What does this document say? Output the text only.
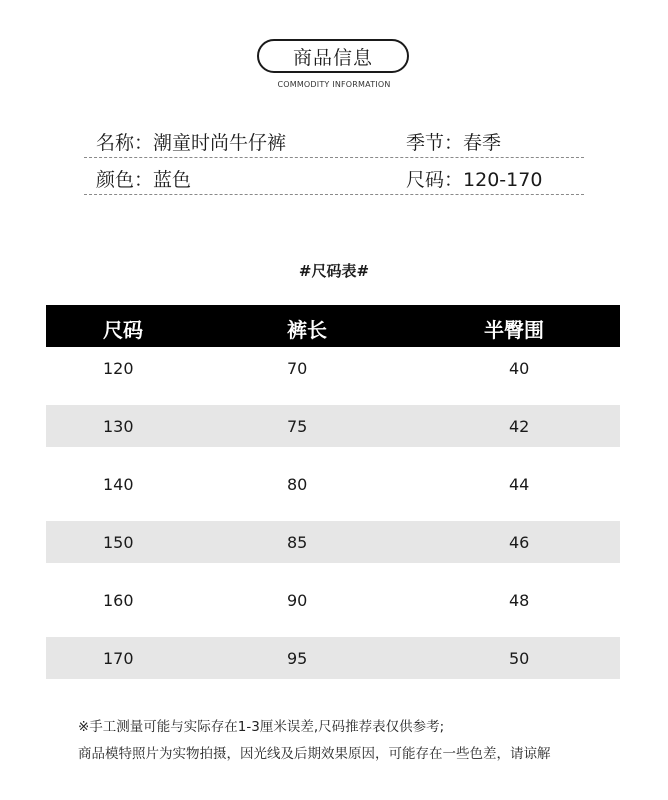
商品信息
COMMODITY INFORMATION
名称：潮童时尚牛仔裤	季节：春季
颜色：蓝色	尺码：120-170
#尺码表#
尺码	裤长	半臀围
120	70	40
130	75	42
140	80	44
150	85	46
160	90	48
170	95	50
※手工测量可能与实际存在1-3厘米误差,尺码推荐表仅供参考;
商品模特照片为实物拍摄，因光线及后期效果原因，可能存在一些色差，请谅解
